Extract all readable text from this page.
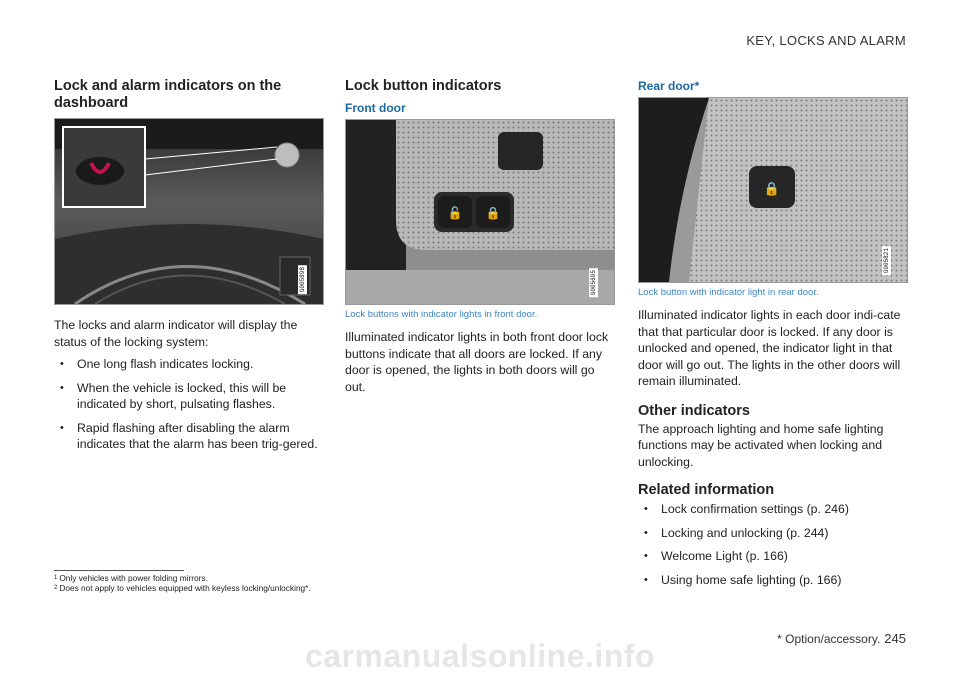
KEY, LOCKS AND ALARM
Lock and alarm indicators on the dashboard
G005898

The locks and alarm indicator will display the status of the locking system:

• One long flash indicates locking.
• When the vehicle is locked, this will be indicated by short, pulsating flashes.
• Rapid flashing after disabling the alarm indicates that the alarm has been trig-gered.
Lock button indicators
Front door
🔓 🔒
G005695
Lock buttons with indicator lights in front door.

Illuminated indicator lights in both front door lock buttons indicate that all doors are locked. If any door is opened, the lights in both doors will go out.

Rear door*
🔒
G005821
Lock button with indicator light in rear door.

Illuminated indicator lights in each door indi-cate that that particular door is locked. If any door is unlocked and opened, the indicator light in that door will go out. The lights in the other doors will remain illuminated.

Other indicators

The approach lighting and home safe lighting functions may be activated when locking and unlocking.

Related information
• Lock confirmation settings (p. 246)
• Locking and unlocking (p. 244)
• Welcome Light (p. 166)
• Using home safe lighting (p. 166)
$^1$ Only vehicles with power folding mirrors.
$^2$ Does not apply to vehicles equipped with keyless locking/unlocking*.
* Option/accessory. 245
carmanualsonline.info
